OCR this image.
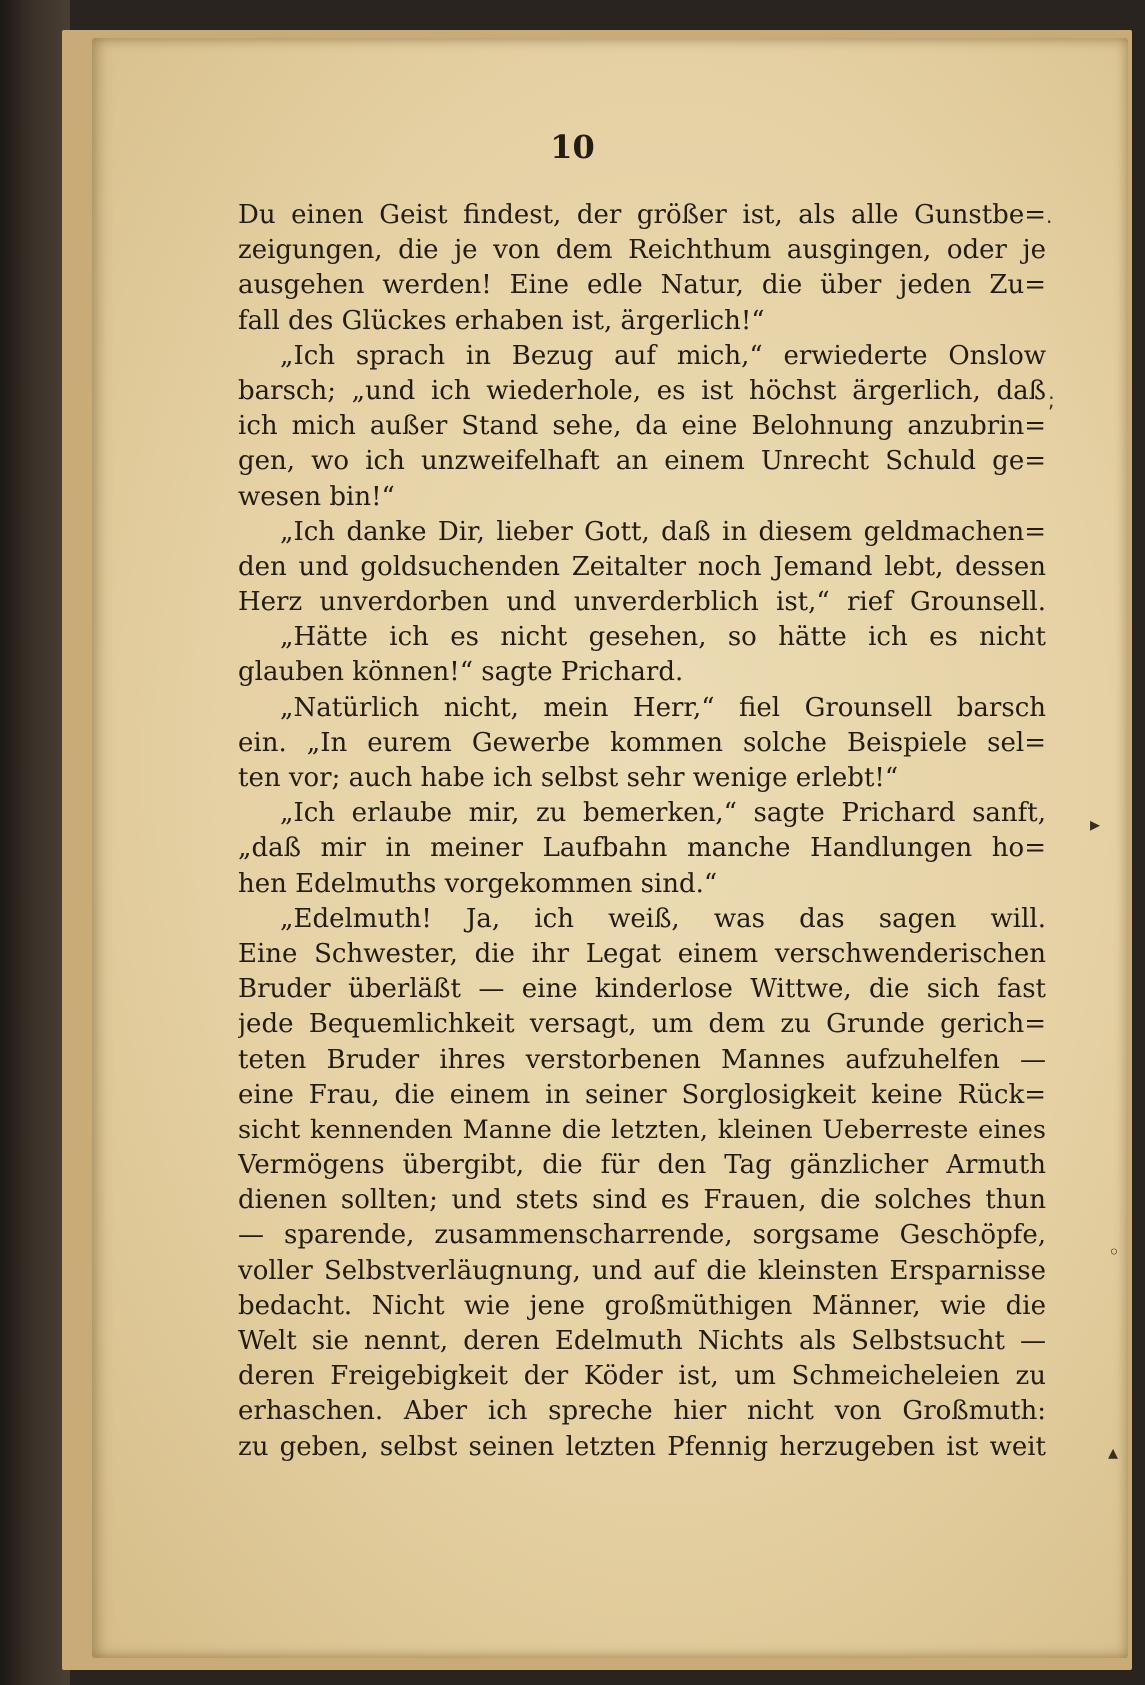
10
Du einen Geist findest, der größer ist, als alle Gunstbe=
zeigungen, die je von dem Reichthum ausgingen, oder je
ausgehen werden! Eine edle Natur, die über jeden Zu=
fall des Glückes erhaben ist, ärgerlich!“
„Ich sprach in Bezug auf mich,“ erwiederte Onslow
barsch; „und ich wiederhole, es ist höchst ärgerlich, daß
ich mich außer Stand sehe, da eine Belohnung anzubrin=
gen, wo ich unzweifelhaft an einem Unrecht Schuld ge=
wesen bin!“
„Ich danke Dir, lieber Gott, daß in diesem geldmachen=
den und goldsuchenden Zeitalter noch Jemand lebt, dessen
Herz unverdorben und unverderblich ist,“ rief Grounsell.
„Hätte ich es nicht gesehen, so hätte ich es nicht
glauben können!“ sagte Prichard.
„Natürlich nicht, mein Herr,“ fiel Grounsell barsch
ein. „In eurem Gewerbe kommen solche Beispiele sel=
ten vor; auch habe ich selbst sehr wenige erlebt!“
„Ich erlaube mir, zu bemerken,“ sagte Prichard sanft,
„daß mir in meiner Laufbahn manche Handlungen ho=
hen Edelmuths vorgekommen sind.“
„Edelmuth! Ja, ich weiß, was das sagen will.
Eine Schwester, die ihr Legat einem verschwenderischen
Bruder überläßt — eine kinderlose Wittwe, die sich fast
jede Bequemlichkeit versagt, um dem zu Grunde gerich=
teten Bruder ihres verstorbenen Mannes aufzuhelfen —
eine Frau, die einem in seiner Sorglosigkeit keine Rück=
sicht kennenden Manne die letzten, kleinen Ueberreste eines
Vermögens übergibt, die für den Tag gänzlicher Armuth
dienen sollten; und stets sind es Frauen, die solches thun
— sparende, zusammenscharrende, sorgsame Geschöpfe,
voller Selbstverläugnung, und auf die kleinsten Ersparnisse
bedacht. Nicht wie jene großmüthigen Männer, wie die
Welt sie nennt, deren Edelmuth Nichts als Selbstsucht —
deren Freigebigkeit der Köder ist, um Schmeicheleien zu
erhaschen. Aber ich spreche hier nicht von Großmuth:
zu geben, selbst seinen letzten Pfennig herzugeben ist weit
·
;
▸
◦
▴
